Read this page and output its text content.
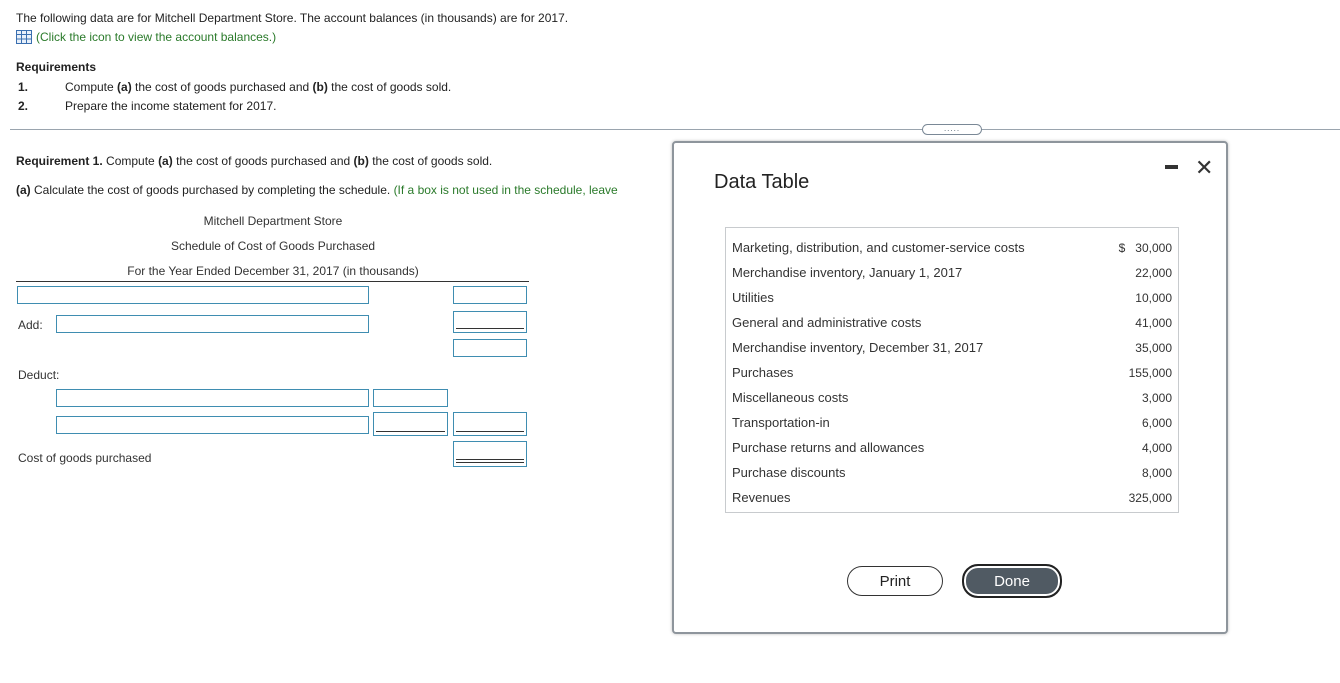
The following data are for Mitchell Department Store. The account balances (in thousands) are for 2017.
(Click the icon to view the account balances.)
Requirements
1.	Compute (a) the cost of goods purchased and (b) the cost of goods sold.
2.	Prepare the income statement for 2017.
.....
Requirement 1. Compute (a) the cost of goods purchased and (b) the cost of goods sold.
(a) Calculate the cost of goods purchased by completing the schedule. (If a box is not used in the schedule, leave
Mitchell Department Store
Schedule of Cost of Goods Purchased
For the Year Ended December 31, 2017 (in thousands)
Add:
Deduct:
Cost of goods purchased
Data Table
✕
Marketing, distribution, and customer-service costs	$ 30,000
Merchandise inventory, January 1, 2017	22,000
Utilities	10,000
General and administrative costs	41,000
Merchandise inventory, December 31, 2017	35,000
Purchases	155,000
Miscellaneous costs	3,000
Transportation-in	6,000
Purchase returns and allowances	4,000
Purchase discounts	8,000
Revenues	325,000
Print	Done
